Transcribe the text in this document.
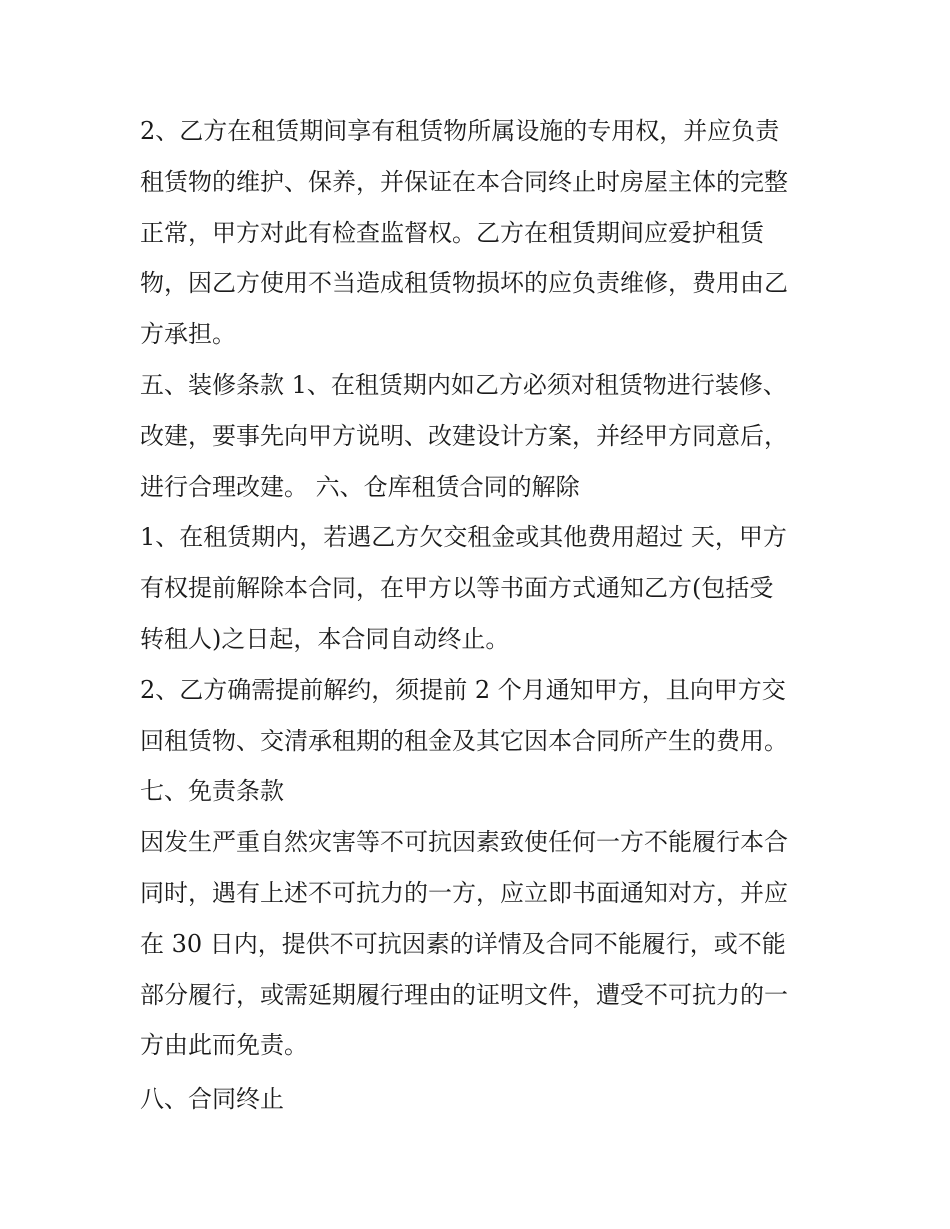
2、乙方在租赁期间享有租赁物所属设施的专用权，并应负责
租赁物的维护、保养，并保证在本合同终止时房屋主体的完整
正常，甲方对此有检查监督权。乙方在租赁期间应爱护租赁
物，因乙方使用不当造成租赁物损坏的应负责维修，费用由乙
方承担。
五、装修条款 1、在租赁期内如乙方必须对租赁物进行装修、
改建，要事先向甲方说明、改建设计方案，并经甲方同意后，
进行合理改建。 六、仓库租赁合同的解除
1、在租赁期内，若遇乙方欠交租金或其他费用超过 天，甲方
有权提前解除本合同，在甲方以等书面方式通知乙方(包括受
转租人)之日起，本合同自动终止。
2、乙方确需提前解约，须提前 2 个月通知甲方，且向甲方交
回租赁物、交清承租期的租金及其它因本合同所产生的费用。
七、免责条款
因发生严重自然灾害等不可抗因素致使任何一方不能履行本合
同时，遇有上述不可抗力的一方，应立即书面通知对方，并应
在 30 日内，提供不可抗因素的详情及合同不能履行，或不能
部分履行，或需延期履行理由的证明文件，遭受不可抗力的一
方由此而免责。
八、合同终止
